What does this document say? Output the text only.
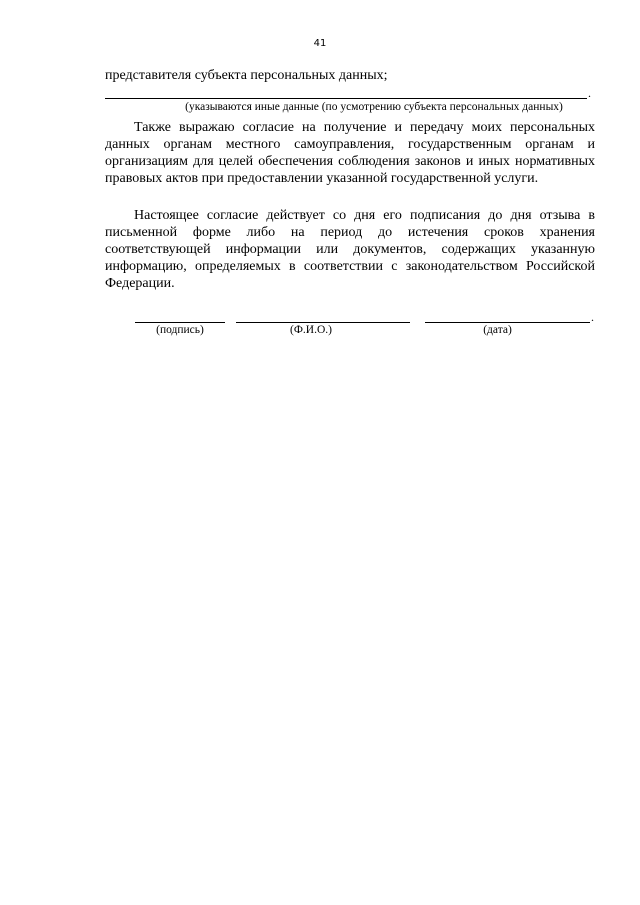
41
представителя субъекта персональных данных;
.
(указываются иные данные (по усмотрению субъекта персональных данных)

Также выражаю согласие на получение и передачу моих персональных данных органам местного самоуправления, государственным органам и организациям для целей обеспечения соблюдения законов и иных нормативных правовых актов при предоставлении указанной государственной услуги.

Настоящее согласие действует со дня его подписания до дня отзыва в письменной форме либо на период до истечения сроков хранения соответствующей информации или документов, содержащих указанную информацию, определяемых в соответствии с законодательством Российской Федерации.

.
(подпись)	(Ф.И.О.)	(дата)
